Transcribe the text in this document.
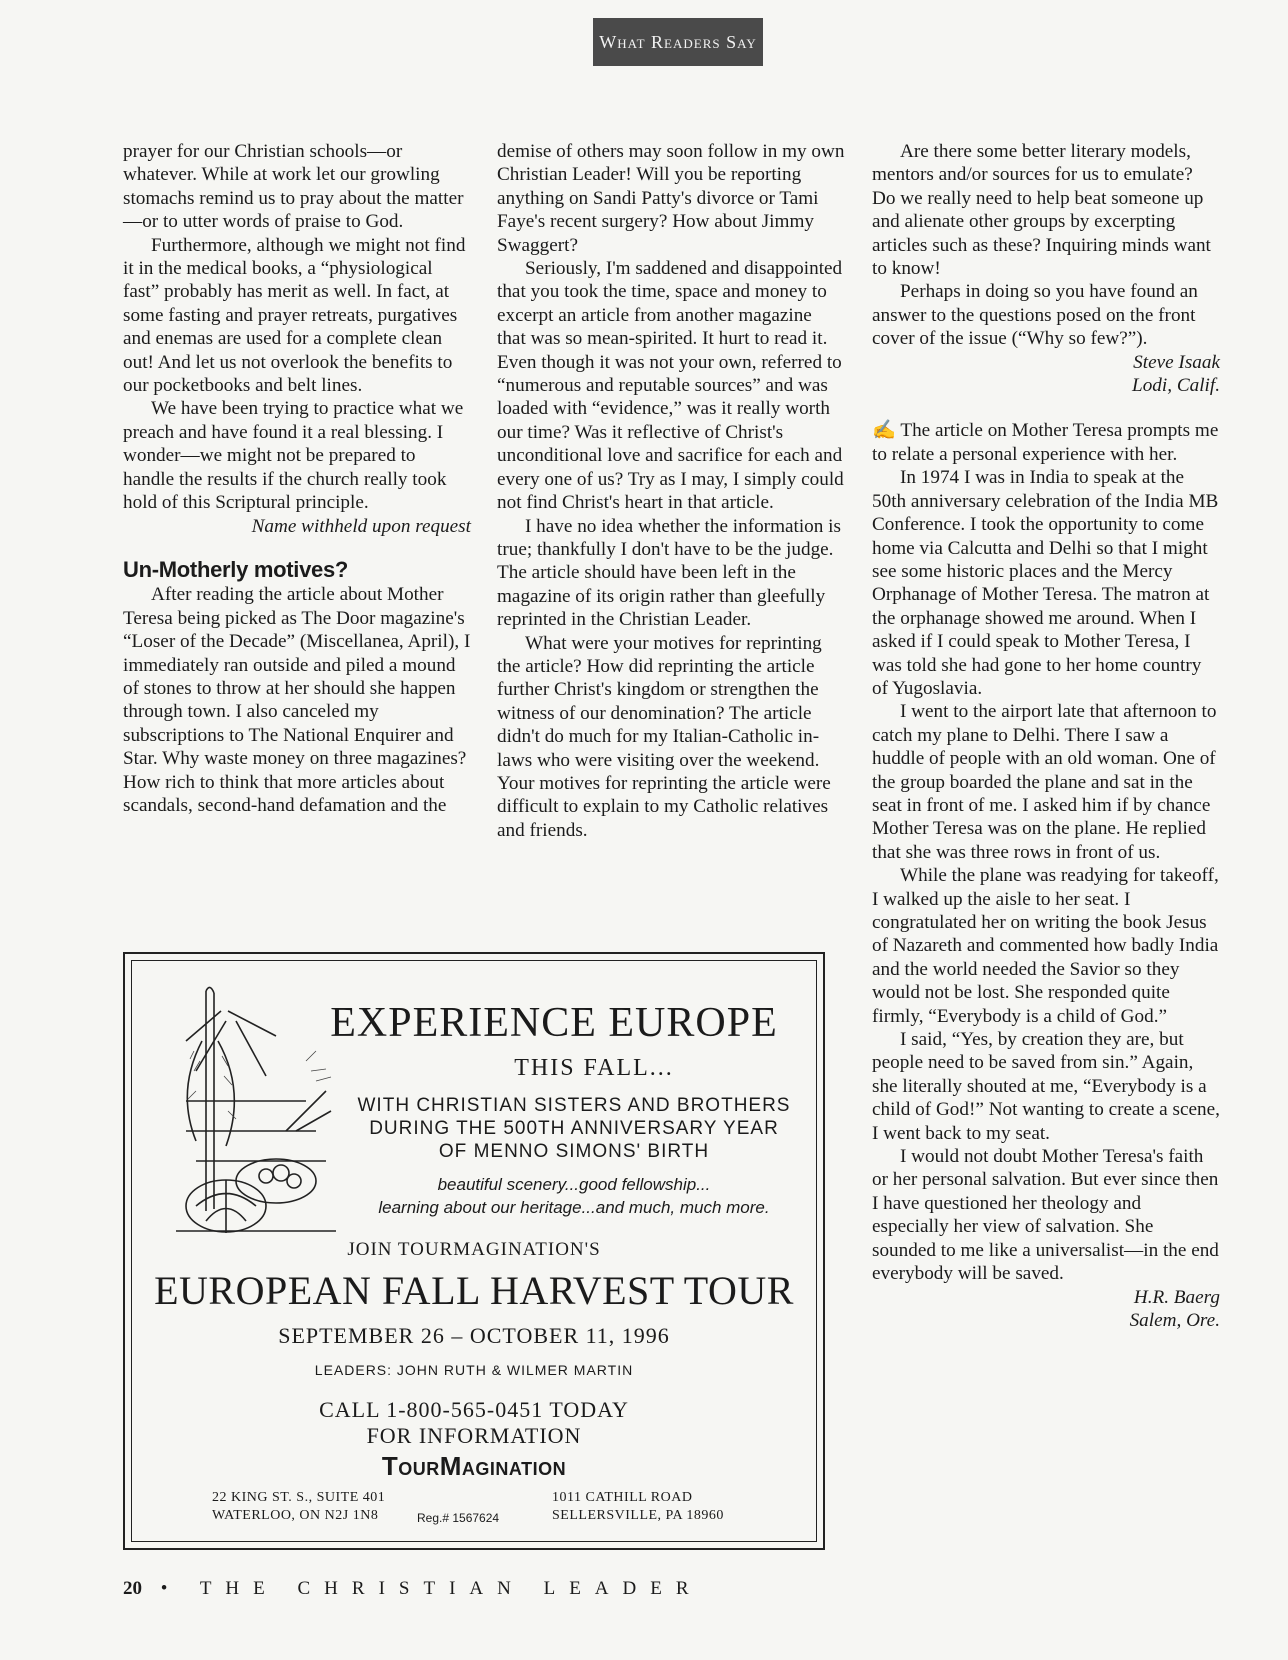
What Readers Say

prayer for our Christian schools—or whatever. While at work let our growling stomachs remind us to pray about the matter—or to utter words of praise to God.

Furthermore, although we might not find it in the medical books, a “physiological fast” probably has merit as well. In fact, at some fasting and prayer retreats, purgatives and enemas are used for a complete clean out! And let us not overlook the benefits to our pocketbooks and belt lines.

We have been trying to practice what we preach and have found it a real blessing. I wonder—we might not be prepared to handle the results if the church really took hold of this Scriptural principle.

Name withheld upon request
Un-Motherly motives?

After reading the article about Mother Teresa being picked as The Door magazine's “Loser of the Decade” (Miscellanea, April), I immediately ran outside and piled a mound of stones to throw at her should she happen through town. I also canceled my subscriptions to The National Enquirer and Star. Why waste money on three magazines? How rich to think that more articles about scandals, second-hand defamation and the

demise of others may soon follow in my own Christian Leader! Will you be reporting anything on Sandi Patty's divorce or Tami Faye's recent surgery? How about Jimmy Swaggert?

Seriously, I'm saddened and disappointed that you took the time, space and money to excerpt an article from another magazine that was so mean-spirited. It hurt to read it. Even though it was not your own, referred to “numerous and reputable sources” and was loaded with “evidence,” was it really worth our time? Was it reflective of Christ's unconditional love and sacrifice for each and every one of us? Try as I may, I simply could not find Christ's heart in that article.

I have no idea whether the information is true; thankfully I don't have to be the judge. The article should have been left in the magazine of its origin rather than gleefully reprinted in the Christian Leader.

What were your motives for reprinting the article? How did reprinting the article further Christ's kingdom or strengthen the witness of our denomination? The article didn't do much for my Italian-Catholic in-laws who were visiting over the weekend. Your motives for reprinting the article were difficult to explain to my Catholic relatives and friends.

Are there some better literary models, mentors and/or sources for us to emulate? Do we really need to help beat someone up and alienate other groups by excerpting articles such as these? Inquiring minds want to know!

Perhaps in doing so you have found an answer to the questions posed on the front cover of the issue (“Why so few?”).

Steve Isaak
Lodi, Calif.

✍ The article on Mother Teresa prompts me to relate a personal experience with her.

In 1974 I was in India to speak at the 50th anniversary celebration of the India MB Conference. I took the opportunity to come home via Calcutta and Delhi so that I might see some historic places and the Mercy Orphanage of Mother Teresa. The matron at the orphanage showed me around. When I asked if I could speak to Mother Teresa, I was told she had gone to her home country of Yugoslavia.

I went to the airport late that afternoon to catch my plane to Delhi. There I saw a huddle of people with an old woman. One of the group boarded the plane and sat in the seat in front of me. I asked him if by chance Mother Teresa was on the plane. He replied that she was three rows in front of us.

While the plane was readying for takeoff, I walked up the aisle to her seat. I congratulated her on writing the book Jesus of Nazareth and commented how badly India and the world needed the Savior so they would not be lost. She responded quite firmly, “Everybody is a child of God.”

I said, “Yes, by creation they are, but people need to be saved from sin.” Again, she literally shouted at me, “Everybody is a child of God!” Not wanting to create a scene, I went back to my seat.

I would not doubt Mother Teresa's faith or her personal salvation. But ever since then I have questioned her theology and especially her view of salvation. She sounded to me like a universalist—in the end everybody will be saved.

H.R. Baerg
Salem, Ore.
EXPERIENCE EUROPE
THIS FALL...
WITH CHRISTIAN SISTERS AND BROTHERS
DURING THE 500TH ANNIVERSARY YEAR
OF MENNO SIMONS' BIRTH
beautiful scenery...good fellowship...
learning about our heritage...and much, much more.
JOIN TOURMAGINATION'S
EUROPEAN FALL HARVEST TOUR
SEPTEMBER 26 – OCTOBER 11, 1996
LEADERS: JOHN RUTH & WILMER MARTIN
CALL 1-800-565-0451 TODAY
FOR INFORMATION
TourMagination
22 KING ST. S., SUITE 401
WATERLOO, ON N2J 1N8
1011 CATHILL ROAD
SELLERSVILLE, PA 18960
Reg.# 1567624
20 • THE CHRISTIAN LEADER
